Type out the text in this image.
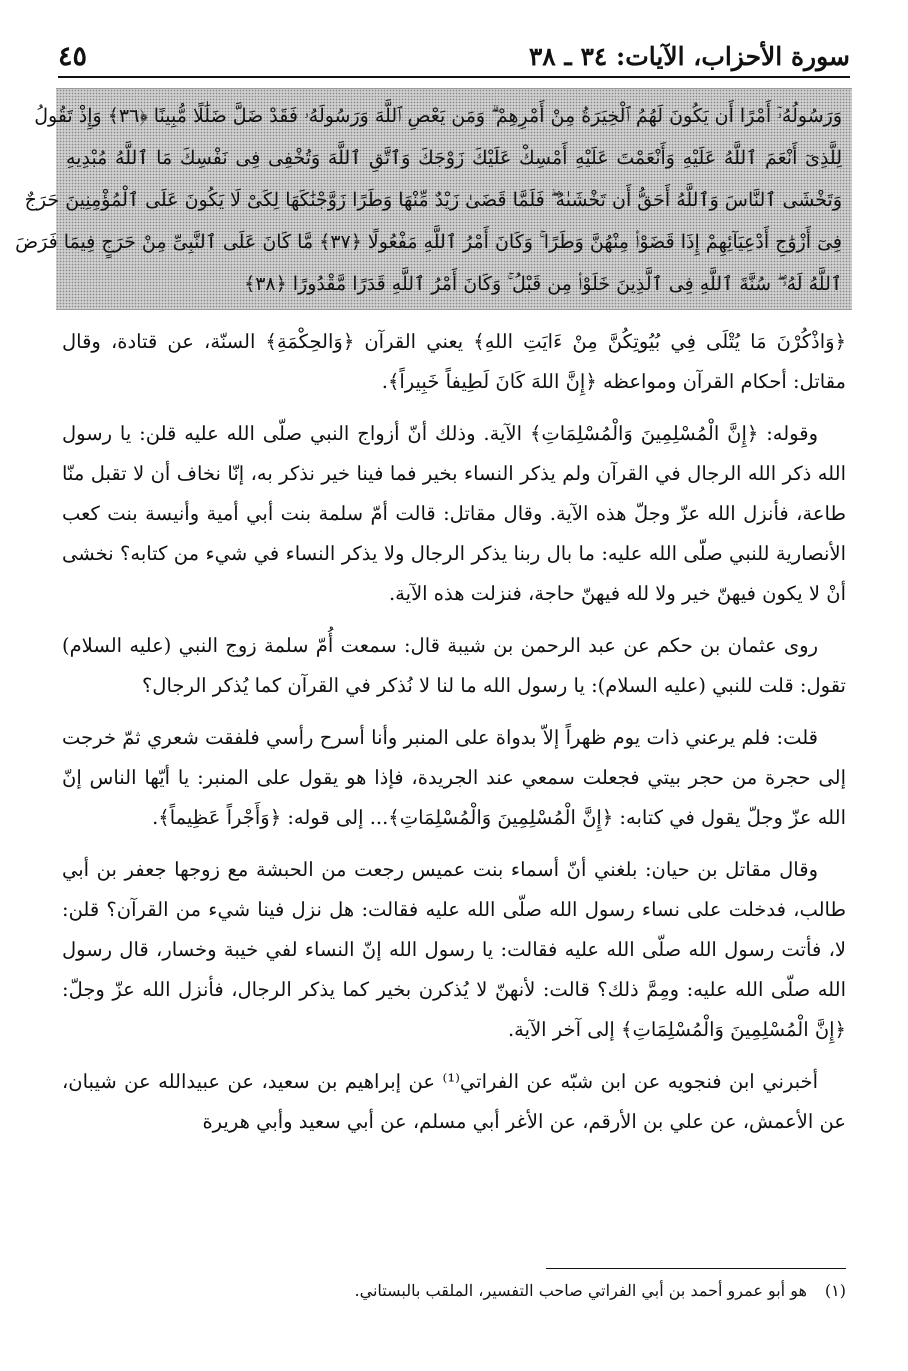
سورة الأحزاب، الآيات: ٣٤ ـ ٣٨
٤٥
وَرَسُولُهُۥٓ أَمْرًا أَن يَكُونَ لَهُمُ ٱلْخِيَرَةُ مِنْ أَمْرِهِمْ ۗ وَمَن يَعْصِ ٱللَّهَ وَرَسُولَهُۥ فَقَدْ ضَلَّ ضَلَٰلًا مُّبِينًا ﴿٣٦﴾ وَإِذْ تَقُولُ
لِلَّذِىٓ أَنْعَمَ ٱللَّهُ عَلَيْهِ وَأَنْعَمْتَ عَلَيْهِ أَمْسِكْ عَلَيْكَ زَوْجَكَ وَٱتَّقِ ٱللَّهَ وَتُخْفِى فِى نَفْسِكَ مَا ٱللَّهُ مُبْدِيهِ
وَتَخْشَى ٱلنَّاسَ وَٱللَّهُ أَحَقُّ أَن تَخْشَىٰهُ ۖ فَلَمَّا قَضَىٰ زَيْدٌ مِّنْهَا وَطَرًا زَوَّجْنَٰكَهَا لِكَىْ لَا يَكُونَ عَلَى ٱلْمُؤْمِنِينَ حَرَجٌ
فِىٓ أَزْوَٰجِ أَدْعِيَآئِهِمْ إِذَا قَضَوْا۟ مِنْهُنَّ وَطَرًا ۚ وَكَانَ أَمْرُ ٱللَّهِ مَفْعُولًا ﴿٣٧﴾ مَّا كَانَ عَلَى ٱلنَّبِىِّ مِنْ حَرَجٍ فِيمَا فَرَضَ
ٱللَّهُ لَهُۥ ۖ سُنَّةَ ٱللَّهِ فِى ٱلَّذِينَ خَلَوْا۟ مِن قَبْلُ ۚ وَكَانَ أَمْرُ ٱللَّهِ قَدَرًا مَّقْدُورًا ﴿٣٨﴾

﴿وَاذْكُرْنَ مَا يُتْلَى فِي بُيُوتِكُنَّ مِنْ ءَايَتِ اللهِ﴾ يعني القرآن ﴿وَالحِكْمَةِ﴾ السنّة، عن قتادة، وقال مقاتل: أحكام القرآن ومواعظه ﴿إِنَّ اللهَ كَانَ لَطِيفاً خَبِيراً﴾.

وقوله: ﴿إِنَّ الْمُسْلِمِينَ وَالْمُسْلِمَاتِ﴾ الآية. وذلك أنّ أزواج النبي صلّى الله عليه قلن: يا رسول الله ذكر الله الرجال في القرآن ولم يذكر النساء بخير فما فينا خير نذكر به، إنّا نخاف أن لا تقبل منّا طاعة، فأنزل الله عزّ وجلّ هذه الآية. وقال مقاتل: قالت أمّ سلمة بنت أبي أمية وأنيسة بنت كعب الأنصارية للنبي صلّى الله عليه: ما بال ربنا يذكر الرجال ولا يذكر النساء في شيء من كتابه؟ نخشى أنْ لا يكون فيهنّ خير ولا لله فيهنّ حاجة، فنزلت هذه الآية.

روى عثمان بن حكم عن عبد الرحمن بن شيبة قال: سمعت أُمّ سلمة زوج النبي (عليه السلام) تقول: قلت للنبي (عليه السلام): يا رسول الله ما لنا لا نُذكر في القرآن كما يُذكر الرجال؟

قلت: فلم يرعني ذات يوم ظهراً إلاّ بدواة على المنبر وأنا أسرح رأسي فلفقت شعري ثمّ خرجت إلى حجرة من حجر بيتي فجعلت سمعي عند الجريدة، فإذا هو يقول على المنبر: يا أيّها الناس إنّ الله عزّ وجلّ يقول في كتابه: ﴿إِنَّ الْمُسْلِمِينَ وَالْمُسْلِمَاتِ﴾... إلى قوله: ﴿وَأَجْراً عَظِيماً﴾.

وقال مقاتل بن حيان: بلغني أنّ أسماء بنت عميس رجعت من الحبشة مع زوجها جعفر بن أبي طالب، فدخلت على نساء رسول الله صلّى الله عليه فقالت: هل نزل فينا شيء من القرآن؟ قلن: لا، فأتت رسول الله صلّى الله عليه فقالت: يا رسول الله إنّ النساء لفي خيبة وخسار، قال رسول الله صلّى الله عليه: ومِمَّ ذلك؟ قالت: لأنهنّ لا يُذكرن بخير كما يذكر الرجال، فأنزل الله عزّ وجلّ: ﴿إِنَّ الْمُسْلِمِينَ وَالْمُسْلِمَاتِ﴾ إلى آخر الآية.

أخبرني ابن فنجويه عن ابن شبّه عن الفراتي⁽¹⁾ عن إبراهيم بن سعيد، عن عبيدالله عن شيبان، عن الأعمش، عن علي بن الأرقم، عن الأغر أبي مسلم، عن أبي سعيد وأبي هريرة

(١)هو أبو عمرو أحمد بن أبي الفراتي صاحب التفسير، الملقب بالبستاني.
